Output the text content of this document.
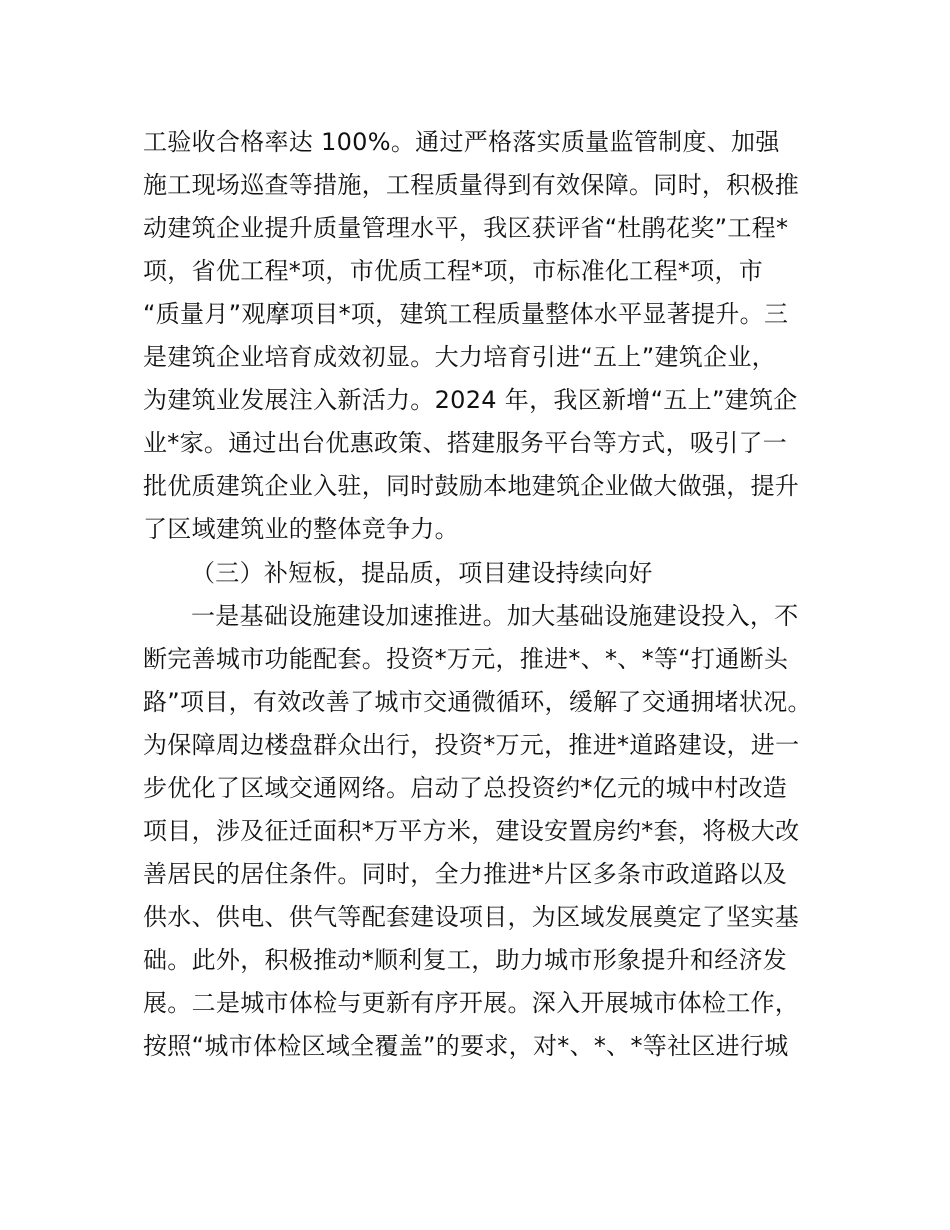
工验收合格率达 100%。通过严格落实质量监管制度、加强
施工现场巡查等措施，工程质量得到有效保障。同时，积极推
动建筑企业提升质量管理水平，我区获评省“杜鹃花奖”工程*
项，省优工程*项，市优质工程*项，市标准化工程*项，市
“质量月”观摩项目*项，建筑工程质量整体水平显著提升。三
是建筑企业培育成效初显。大力培育引进“五上”建筑企业，
为建筑业发展注入新活力。2024 年，我区新增“五上”建筑企
业*家。通过出台优惠政策、搭建服务平台等方式，吸引了一
批优质建筑企业入驻，同时鼓励本地建筑企业做大做强，提升
了区域建筑业的整体竞争力。
（三）补短板，提品质，项目建设持续向好
一是基础设施建设加速推进。加大基础设施建设投入，不
断完善城市功能配套。投资*万元，推进*、*、*等“打通断头
路”项目，有效改善了城市交通微循环，缓解了交通拥堵状况。
为保障周边楼盘群众出行，投资*万元，推进*道路建设，进一
步优化了区域交通网络。启动了总投资约*亿元的城中村改造
项目，涉及征迁面积*万平方米，建设安置房约*套，将极大改
善居民的居住条件。同时，全力推进*片区多条市政道路以及
供水、供电、供气等配套建设项目，为区域发展奠定了坚实基
础。此外，积极推动*顺利复工，助力城市形象提升和经济发
展。二是城市体检与更新有序开展。深入开展城市体检工作，
按照“城市体检区域全覆盖”的要求，对*、*、*等社区进行城
